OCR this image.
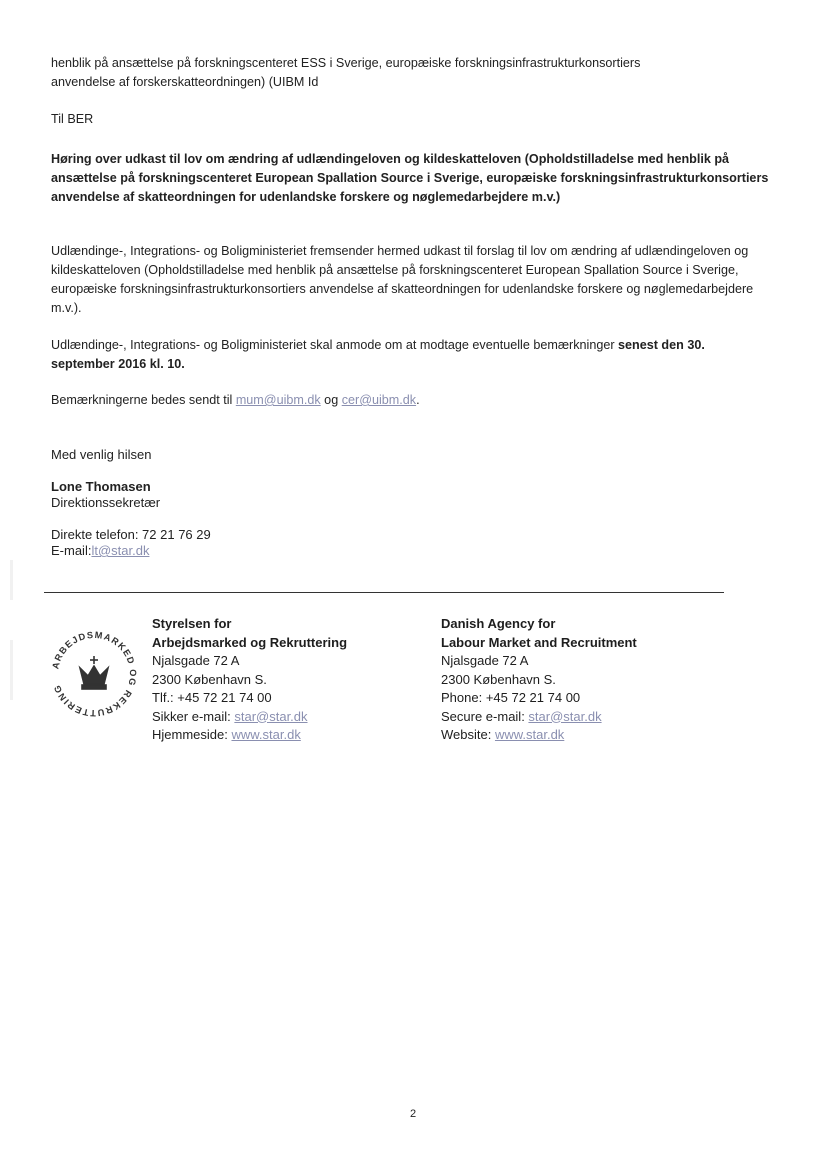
henblik på ansættelse på forskningscenteret ESS i Sverige, europæiske forskningsinfrastrukturkonsortiers
anvendelse af forskerskatteordningen) (UIBM Id

Til BER

Høring over udkast til lov om ændring af udlændingeloven og kildeskatteloven (Opholdstilladelse med henblik på ansættelse på forskningscenteret European Spallation Source i Sverige, europæiske forskningsinfrastrukturkonsortiers anvendelse af skatteordningen for udenlandske forskere og nøglemedarbejdere m.v.)

Udlændinge-, Integrations- og Boligministeriet fremsender hermed udkast til forslag til lov om ændring af udlændingeloven og kildeskatteloven (Opholdstilladelse med henblik på ansættelse på forskningscenteret European Spallation Source i Sverige, europæiske forskningsinfrastrukturkonsortiers anvendelse af skatteordningen for udenlandske forskere og nøglemedarbejdere m.v.).

Udlændinge-, Integrations- og Boligministeriet skal anmode om at modtage eventuelle bemærkninger senest den 30. september 2016 kl. 10.

Bemærkningerne bedes sendt til mum@uibm.dk og cer@uibm.dk.

Med venlig hilsen

Lone Thomasen

Direktionssekretær

Direkte telefon: 72 21 76 29

E-mail:lt@star.dk

ARBEJDSMARKED OG REKRUTTERING
Styrelsen for
Arbejdsmarked og Rekruttering
Njalsgade 72 A
2300 København S.
Tlf.: +45 72 21 74 00
Sikker e-mail: star@star.dk
Hjemmeside: www.star.dk
Danish Agency for
Labour Market and Recruitment
Njalsgade 72 A
2300 København S.
Phone: +45 72 21 74 00
Secure e-mail: star@star.dk
Website: www.star.dk
2
